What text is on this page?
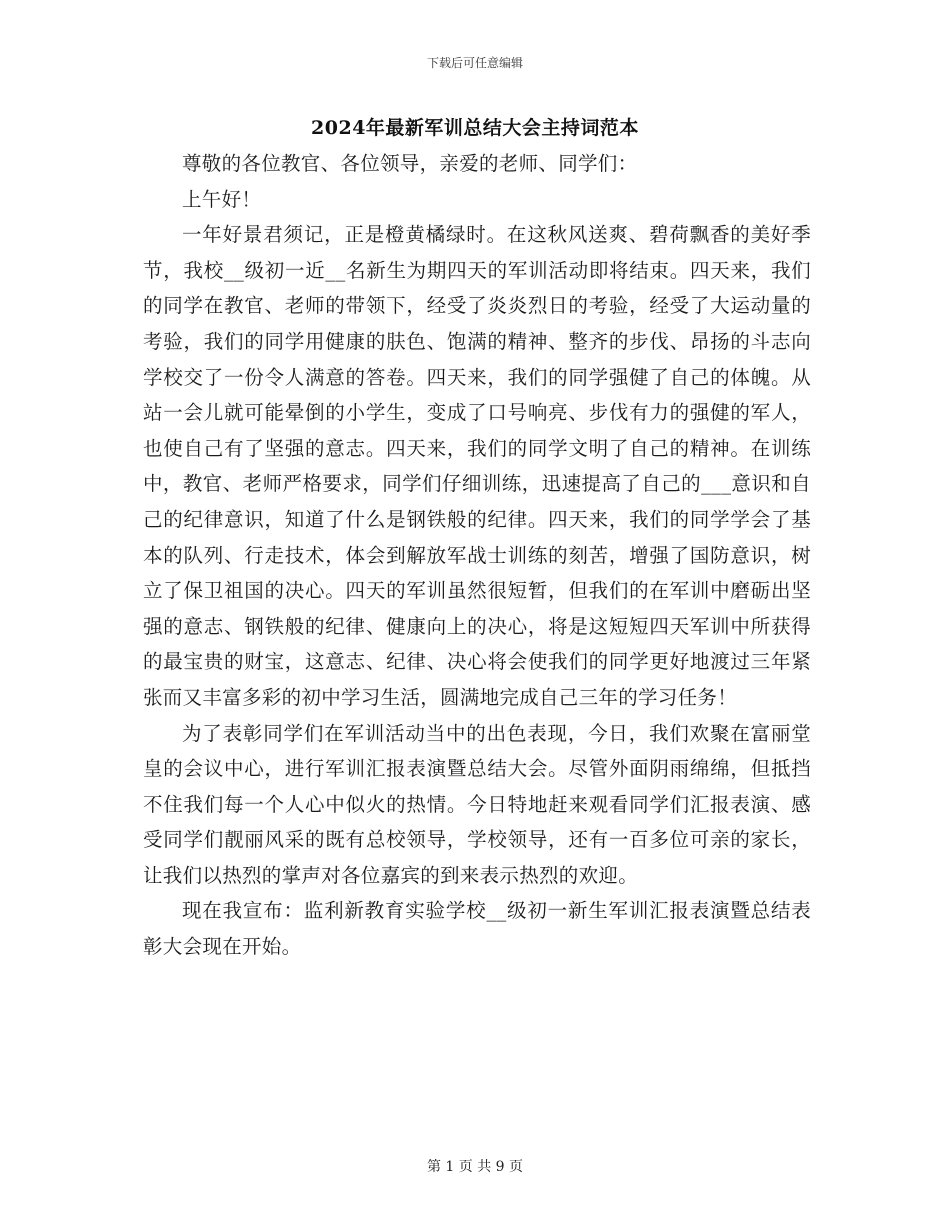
下载后可任意编辑
2024年最新军训总结大会主持词范本

尊敬的各位教官、各位领导，亲爱的老师、同学们：

上午好！

一年好景君须记，正是橙黄橘绿时。在这秋风送爽、碧荷飘香的美好季节，我校__级初一近__名新生为期四天的军训活动即将结束。四天来，我们的同学在教官、老师的带领下，经受了炎炎烈日的考验，经受了大运动量的考验，我们的同学用健康的肤色、饱满的精神、整齐的步伐、昂扬的斗志向学校交了一份令人满意的答卷。四天来，我们的同学强健了自己的体魄。从站一会儿就可能晕倒的小学生，变成了口号响亮、步伐有力的强健的军人，也使自己有了坚强的意志。四天来，我们的同学文明了自己的精神。在训练中，教官、老师严格要求，同学们仔细训练，迅速提高了自己的___意识和自己的纪律意识，知道了什么是钢铁般的纪律。四天来，我们的同学学会了基本的队列、行走技术，体会到解放军战士训练的刻苦，增强了国防意识，树立了保卫祖国的决心。四天的军训虽然很短暂，但我们的在军训中磨砺出坚强的意志、钢铁般的纪律、健康向上的决心，将是这短短四天军训中所获得的最宝贵的财宝，这意志、纪律、决心将会使我们的同学更好地渡过三年紧张而又丰富多彩的初中学习生活，圆满地完成自己三年的学习任务！

为了表彰同学们在军训活动当中的出色表现，今日，我们欢聚在富丽堂皇的会议中心，进行军训汇报表演暨总结大会。尽管外面阴雨绵绵，但抵挡不住我们每一个人心中似火的热情。今日特地赶来观看同学们汇报表演、感受同学们靓丽风采的既有总校领导，学校领导，还有一百多位可亲的家长，让我们以热烈的掌声对各位嘉宾的到来表示热烈的欢迎。

现在我宣布：监利新教育实验学校__级初一新生军训汇报表演暨总结表彰大会现在开始。

第 1 页 共 9 页
